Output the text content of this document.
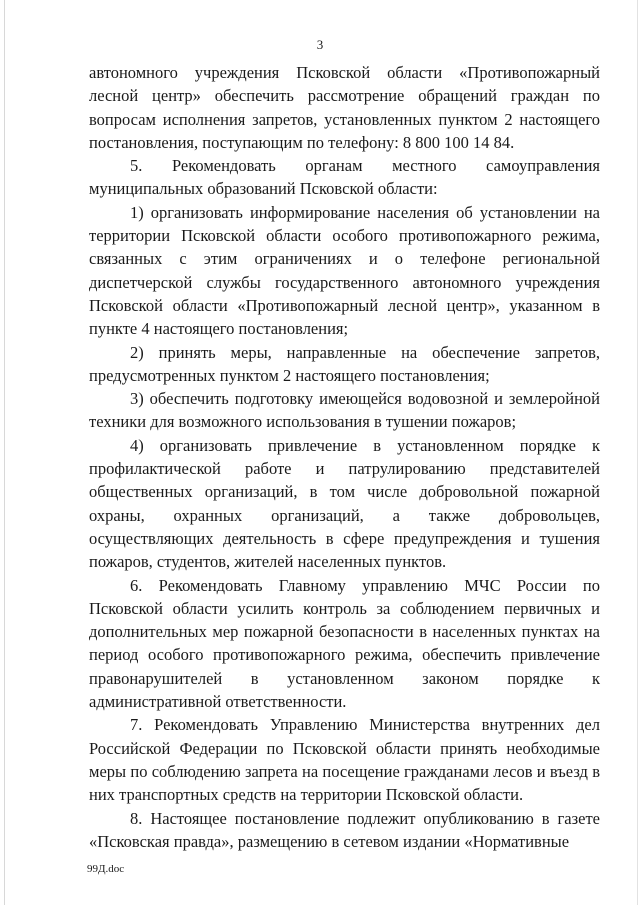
3

автономного учреждения Псковской области «Противопожарный лесной центр» обеспечить рассмотрение обращений граждан по вопросам исполнения запретов, установленных пунктом 2 настоящего постановления, поступающим по телефону: 8 800 100 14 84.

5. Рекомендовать органам местного самоуправления муниципальных образований Псковской области:

1) организовать информирование населения об установлении на территории Псковской области особого противопожарного режима, связанных с этим ограничениях и о телефоне региональной диспетчерской службы государственного автономного учреждения Псковской области «Противопожарный лесной центр», указанном в пункте 4 настоящего постановления;

2) принять меры, направленные на обеспечение запретов, предусмотренных пунктом 2 настоящего постановления;

3) обеспечить подготовку имеющейся водовозной и землеройной техники для возможного использования в тушении пожаров;

4) организовать привлечение в установленном порядке к профилактической работе и патрулированию представителей общественных организаций, в том числе добровольной пожарной охраны, охранных организаций, а также добровольцев, осуществляющих деятельность в сфере предупреждения и тушения пожаров, студентов, жителей населенных пунктов.

6. Рекомендовать Главному управлению МЧС России по Псковской области усилить контроль за соблюдением первичных и дополнительных мер пожарной безопасности в населенных пунктах на период особого противопожарного режима, обеспечить привлечение правонарушителей в установленном законом порядке к административной ответственности.

7. Рекомендовать Управлению Министерства внутренних дел Российской Федерации по Псковской области принять необходимые меры по соблюдению запрета на посещение гражданами лесов и въезд в них транспортных средств на территории Псковской области.

8. Настоящее постановление подлежит опубликованию в газете «Псковская правда», размещению в сетевом издании «Нормативные

99Д.doc
